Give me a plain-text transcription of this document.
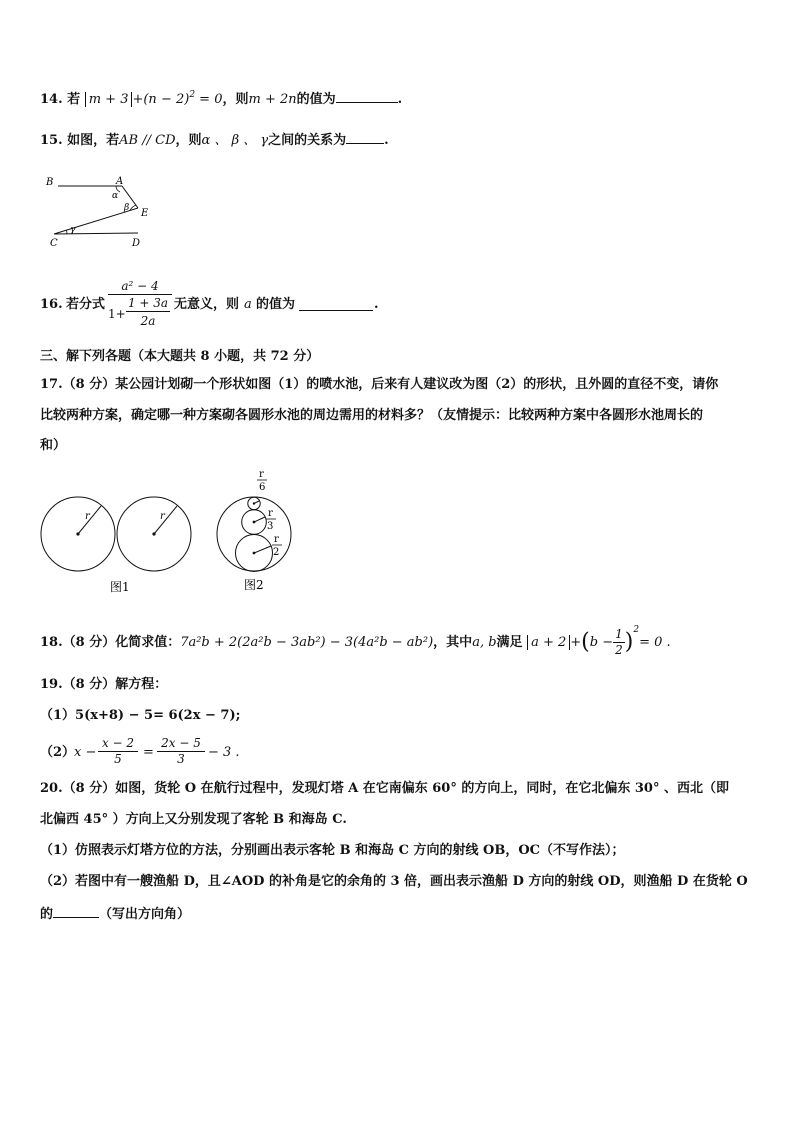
14. 若 $m + 3 +(n - 2)^2 = 0$，则m + 2n的值为	.
15. 如图，若AB // CD，则α 、 β 、 γ之间的关系为	.
B	A
α
β E
C
γ
D
16. 若分式 a² − 4
1+
1 + 3a
2a 无意义，则 a 的值为	.
三、解下列各题（本大题共 8 小题，共 72 分）
17.（8 分）某公园计划砌一个形状如图（1）的喷水池，后来有人建议改为图（2）的形状，且外圆的直径不变，请你
比较两种方案，确定哪一种方案砌各圆形水池的周边需用的材料多？（友情提示：比较两种方案中各圆形水池周长的
和）
r	r
图1
r
6
r
3
r
2
图2
18.（8 分）化简求值：7a²b + 2(2a²b − 3ab²) − 3(4a²b − ab²)，其中a, b满足 $a + 2 +(b - \frac{1}{2} )^2= 0$ .
19.（8 分）解方程：
（1）5(x+8) − 5= 6(2x − 7);
（2）
$x - \frac{x - 2}{5} = \frac{2x - 5}{3} - 3$ .
20.（8 分）如图，货轮 O 在航行过程中，发现灯塔 A 在它南偏东 60° 的方向上，同时，在它北偏东 30° 、西北（即
北偏西 45° ）方向上又分别发现了客轮 B 和海岛 C.
（1）仿照表示灯塔方位的方法，分别画出表示客轮 B 和海岛 C 方向的射线 OB，OC（不写作法）；
（2）若图中有一艘渔船 D，且∠AOD 的补角是它的余角的 3 倍，画出表示渔船 D 方向的射线 OD，则渔船 D 在货轮 O
的	（写出方向角）
